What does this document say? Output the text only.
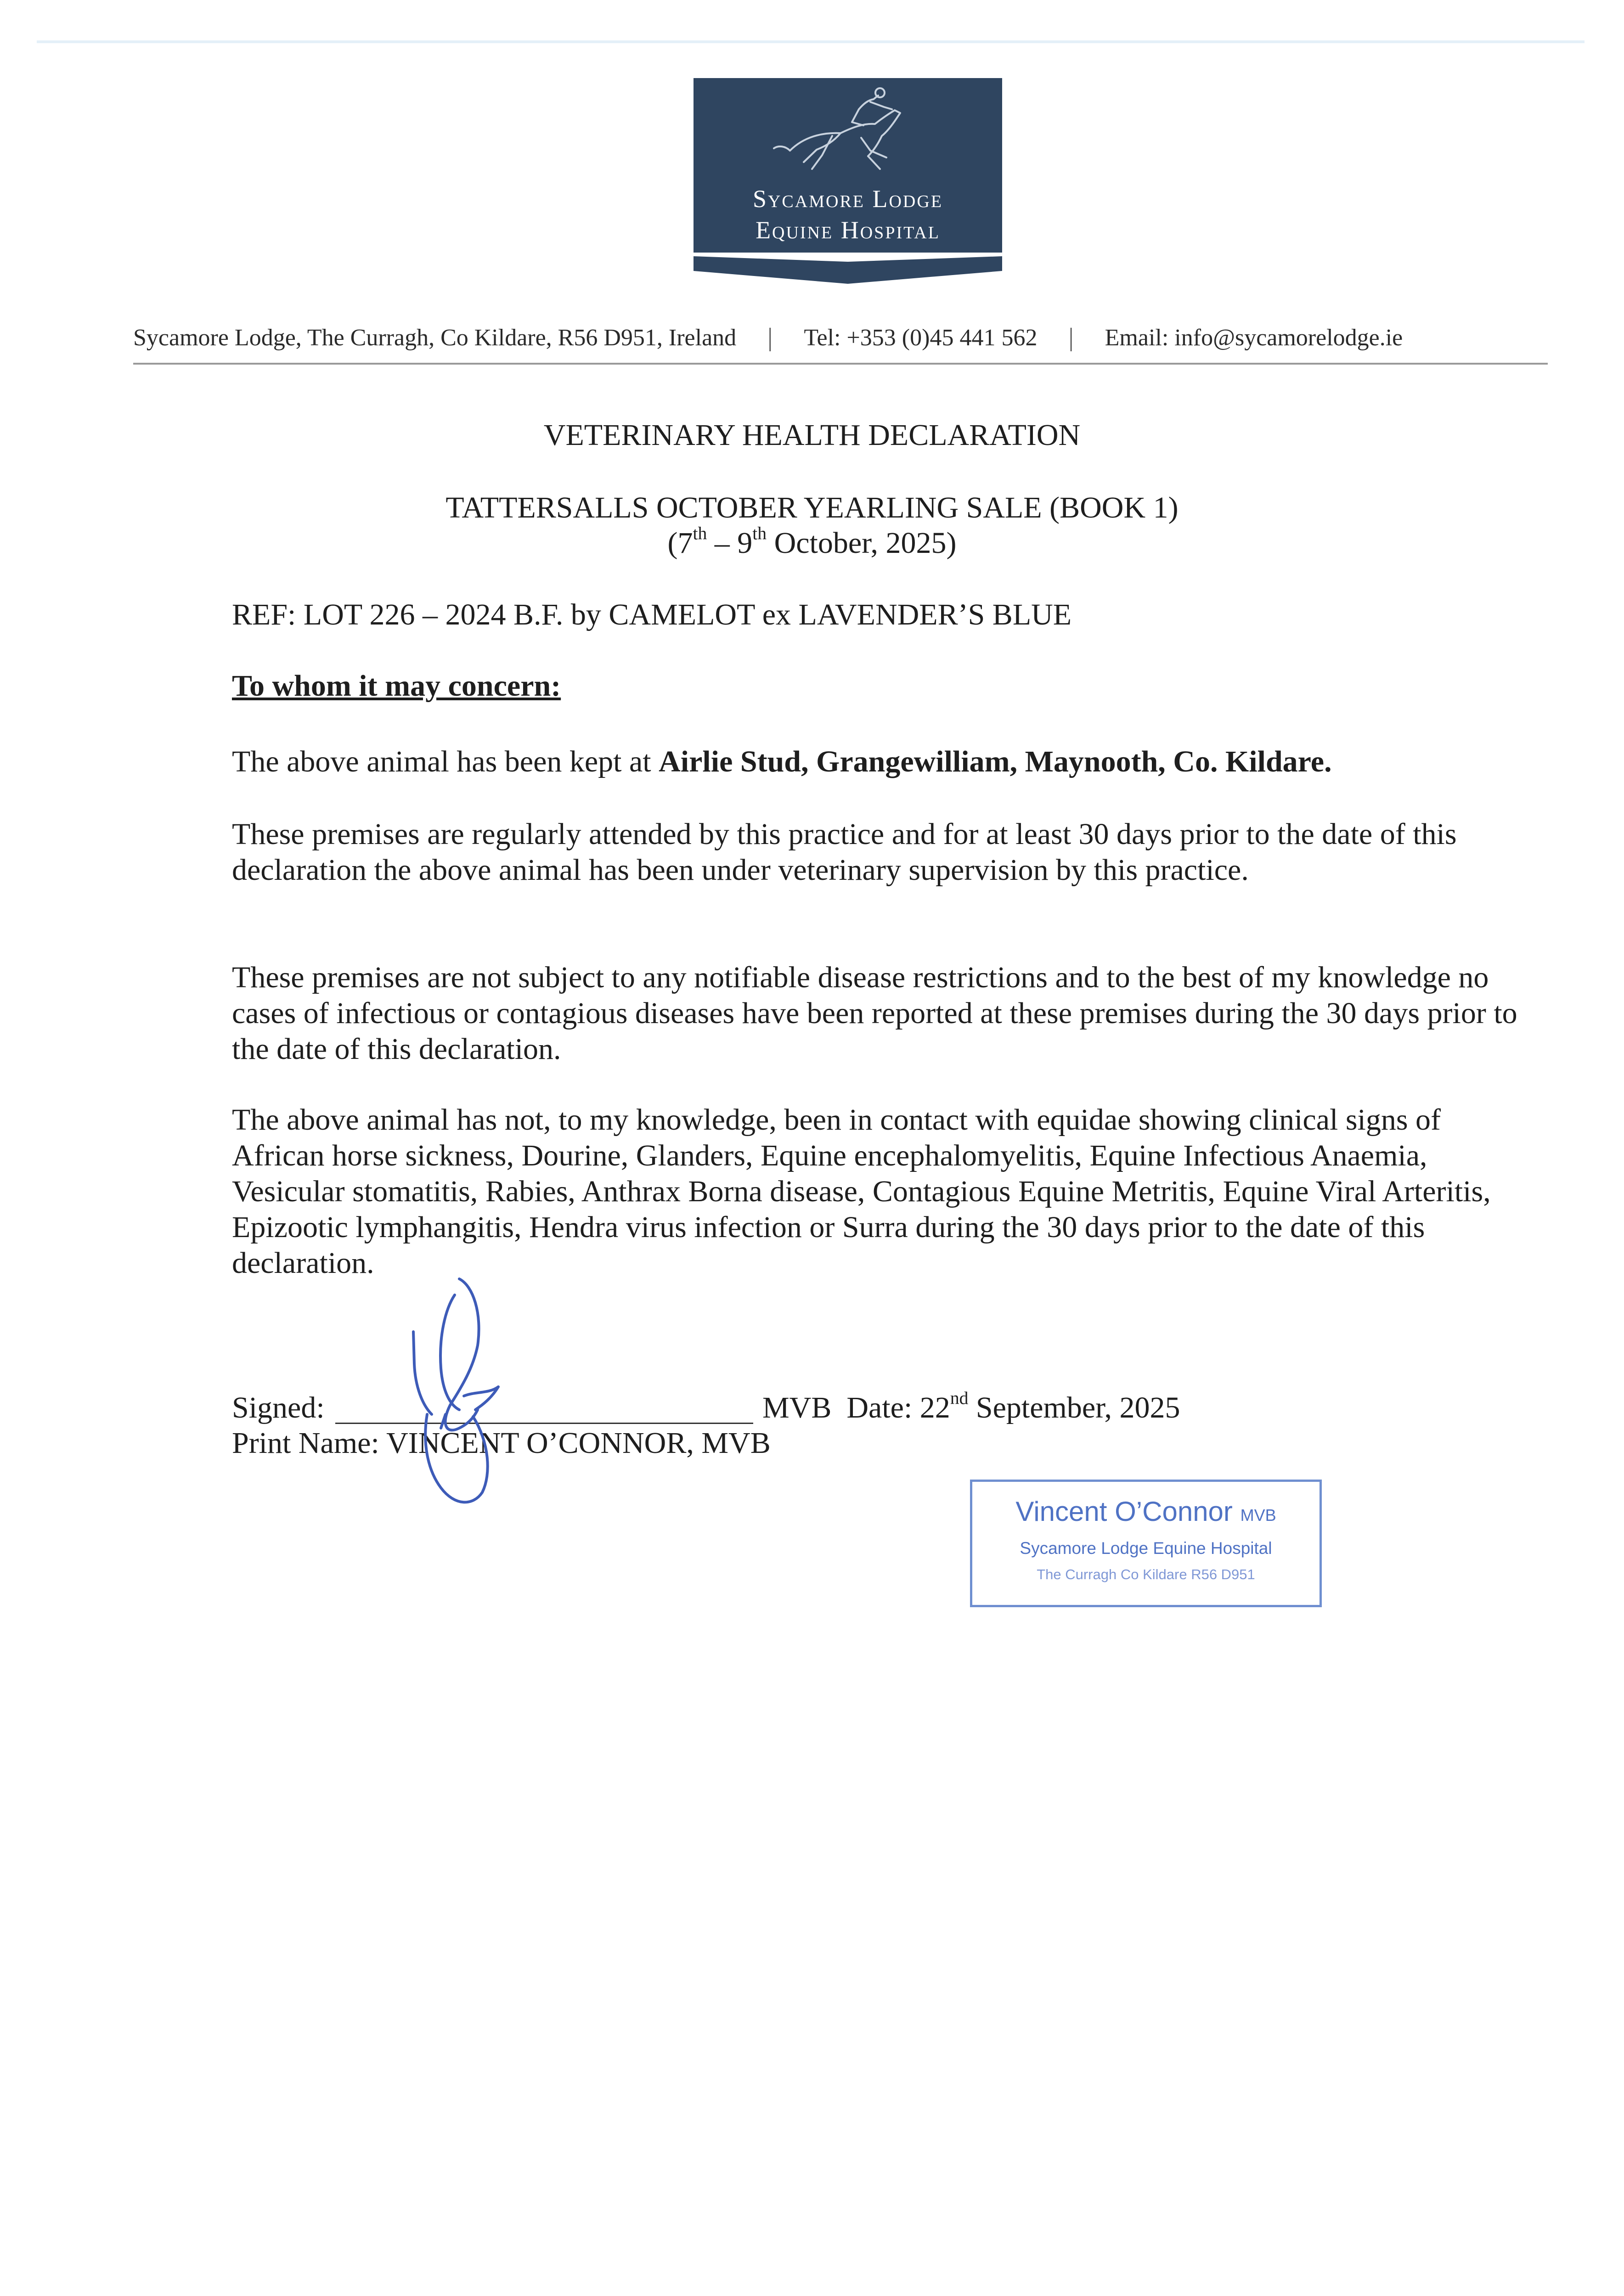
Sycamore Lodge
Equine Hospital
Sycamore Lodge, The Curragh, Co Kildare, R56 D951, Ireland | Tel: +353 (0)45 441 562 | Email: info@sycamorelodge.ie
VETERINARY HEALTH DECLARATION
TATTERSALLS OCTOBER YEARLING SALE (BOOK 1)
(7th – 9th October, 2025)

REF: LOT 226 – 2024 B.F. by CAMELOT ex LAVENDER’S BLUE

To whom it may concern:

The above animal has been kept at Airlie Stud, Grangewilliam, Maynooth, Co. Kildare.

These premises are regularly attended by this practice and for at least 30 days prior to the date of this declaration the above animal has been under veterinary supervision by this practice.

These premises are not subject to any notifiable disease restrictions and to the best of my knowledge no cases of infectious or contagious diseases have been reported at these premises during the 30 days prior to the date of this declaration.

The above animal has not, to my knowledge, been in contact with equidae showing clinical signs of African horse sickness, Dourine, Glanders, Equine encephalomyelitis, Equine Infectious Anaemia, Vesicular stomatitis, Rabies, Anthrax Borna disease, Contagious Equine Metritis, Equine Viral Arteritis, Epizootic lymphangitis, Hendra virus infection or Surra during the 30 days prior to the date of this declaration.

Signed:	MVB Date: 22nd September, 2025
Print Name: VINCENT O’CONNOR, MVB
Vincent O’Connor MVB
Sycamore Lodge Equine Hospital
The Curragh Co Kildare R56 D951
